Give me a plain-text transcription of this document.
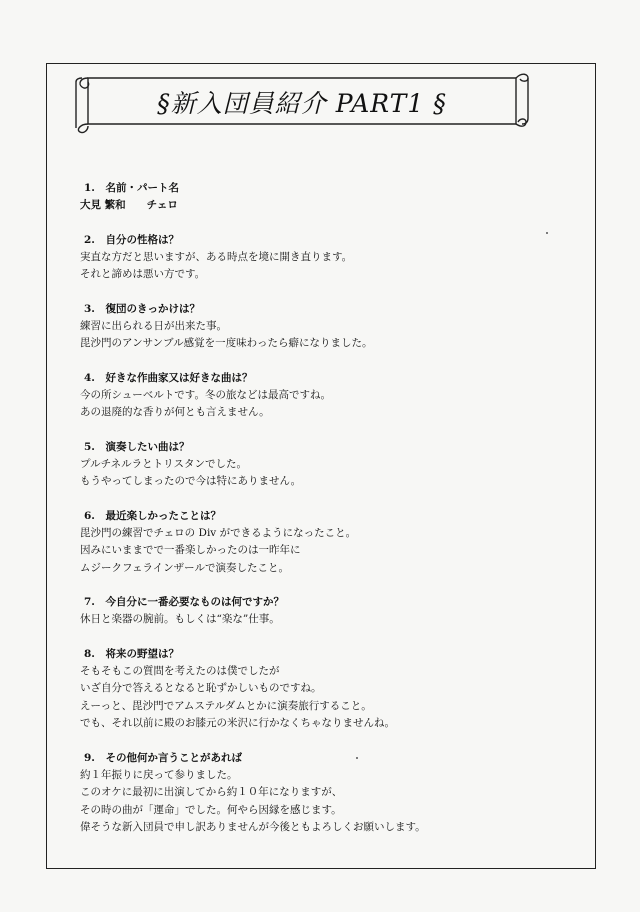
§新入団員紹介 PART1 §
1.　名前・パート名
大見 繁和　　チェロ
2.　自分の性格は？
実直な方だと思いますが、ある時点を境に開き直ります。
それと諦めは悪い方です。
3.　復団のきっかけは？
練習に出られる日が出来た事。
毘沙門のアンサンブル感覚を一度味わったら癖になりました。
4.　好きな作曲家又は好きな曲は？
今の所シューベルトです。冬の旅などは最高ですね。
あの退廃的な香りが何とも言えません。
5.　演奏したい曲は？
プルチネルラとトリスタンでした。
もうやってしまったので今は特にありません。
6.　最近楽しかったことは？
毘沙門の練習でチェロの Div ができるようになったこと。
因みにいままでで一番楽しかったのは一昨年に
ムジークフェラインザールで演奏したこと。
7.　今自分に一番必要なものは何ですか？
休日と楽器の腕前。もしくは“楽な”仕事。
8.　将来の野望は？
そもそもこの質問を考えたのは僕でしたが
いざ自分で答えるとなると恥ずかしいものですね。
えーっと、毘沙門でアムステルダムとかに演奏旅行すること。
でも、それ以前に殿のお膝元の米沢に行かなくちゃなりませんね。
9.　その他何か言うことがあれば
約１年振りに戻って参りました。
このオケに最初に出演してから約１０年になりますが、
その時の曲が「運命」でした。何やら因縁を感じます。
偉そうな新入団員で申し訳ありませんが今後ともよろしくお願いします。
